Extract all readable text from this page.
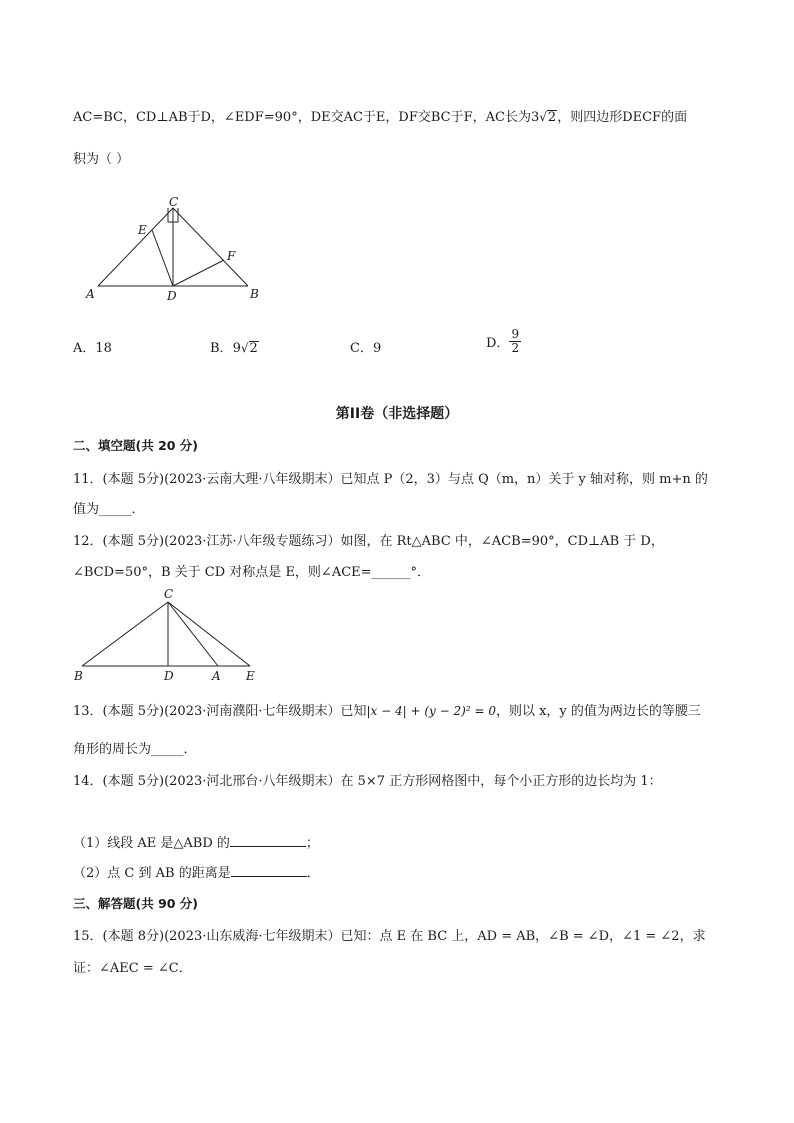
AC=BC，CD⊥AB于D，∠EDF=90°，DE交AC于E，DF交BC于F，AC长为3√2，则四边形DECF的面
积为（ ）
C
E
F
A	D	B
A．18	B．9√2	C．9	D． $\frac{9}{2}$
第II卷（非选择题）
二、填空题(共 20 分)
11．(本题 5分)(2023·云南大理·八年级期末）已知点 P（2，3）与点 Q（m，n）关于 y 轴对称，则 m+n 的
值为_____．
12．(本题 5分)(2023·江苏·八年级专题练习）如图，在 Rt△ABC 中，∠ACB=90°，CD⊥AB 于 D，
∠BCD=50°，B 关于 CD 对称点是 E，则∠ACE=______°．
C
B	D	A E
13．(本题 5分)(2023·河南濮阳·七年级期末）已知|x − 4| + (y − 2)² = 0，则以 x，y 的值为两边长的等腰三
角形的周长为_____．
14．(本题 5分)(2023·河北邢台·八年级期末）在 5×7 正方形网格图中，每个小正方形的边长均为 1：
（1）线段 AE 是△ABD 的	；
（2）点 C 到 AB 的距离是	．
三、解答题(共 90 分)
15．(本题 8分)(2023·山东威海·七年级期末）已知：点 E 在 BC 上，AD = AB，∠B = ∠D，∠1 = ∠2，求
证：∠AEC = ∠C．
